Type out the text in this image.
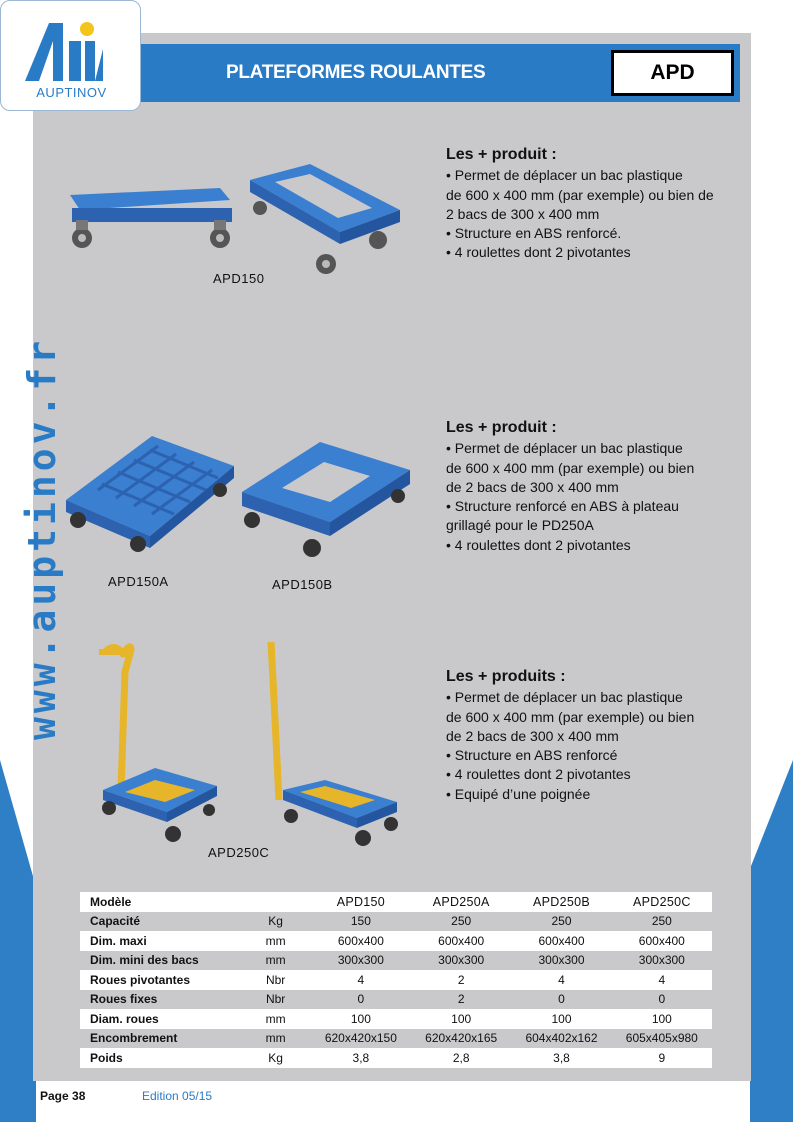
PLATEFORMES ROULANTES	APD
AUPTINOV
www.auptinov.fr
Les + produit :
• Permet de déplacer un bac plastique
de 600 x 400 mm (par exemple) ou bien de
2 bacs de 300 x 400 mm
• Structure en ABS renforcé.
• 4 roulettes dont 2 pivotantes
APD150
Les + produit :
• Permet de déplacer un bac plastique
de 600 x 400 mm (par exemple) ou bien
de 2 bacs de 300 x 400 mm
• Structure renforcé en ABS à plateau
grillagé pour le PD250A
• 4 roulettes dont 2 pivotantes
APD150A	APD150B
Les + produits :
• Permet de déplacer un bac plastique
de 600 x 400 mm (par exemple) ou bien
de 2 bacs de 300 x 400 mm
• Structure en ABS renforcé
• 4 roulettes dont 2 pivotantes
• Equipé d’une poignée
APD250C
Modèle		APD150	APD250A	APD250B	APD250C
Capacité	Kg	150	250	250	250
Dim. maxi	mm	600x400	600x400	600x400	600x400
Dim. mini des bacs	mm	300x300	300x300	300x300	300x300
Roues pivotantes	Nbr	4	2	4	4
Roues fixes	Nbr	0	2	0	0
Diam. roues	mm	100	100	100	100
Encombrement	mm	620x420x150	620x420x165	604x402x162	605x405x980
Poids	Kg	3,8	2,8	3,8	9
Page 38	Edition 05/15
